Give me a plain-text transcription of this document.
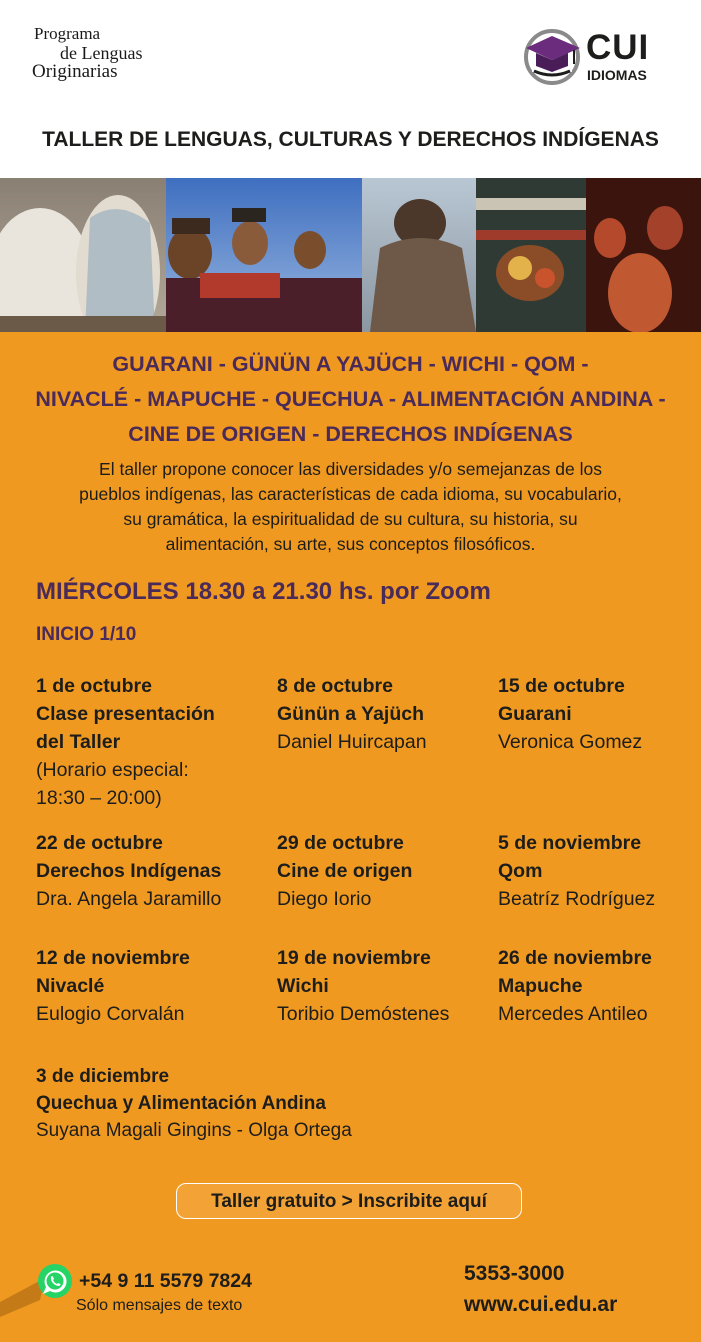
Programa
de Lenguas
Originarias
CUI
IDIOMAS
TALLER DE LENGUAS, CULTURAS Y DERECHOS INDÍGENAS
GUARANI - GÜNÜN A YAJÜCH - WICHI - QOM -
NIVACLÉ - MAPUCHE - QUECHUA - ALIMENTACIÓN ANDINA -
CINE DE ORIGEN - DERECHOS INDÍGENAS
El taller propone conocer las diversidades y/o semejanzas de los
pueblos indígenas, las características de cada idioma, su vocabulario,
su gramática, la espiritualidad de su cultura, su historia, su
alimentación, su arte, sus conceptos filosóficos.
MIÉRCOLES 18.30 a 21.30 hs. por Zoom
INICIO 1/10
1 de octubre
Clase presentación
del Taller
(Horario especial:
18:30 – 20:00)
8 de octubre
Günün a Yajüch
Daniel Huircapan
15 de octubre
Guarani
Veronica Gomez
22 de octubre
Derechos Indígenas
Dra. Angela Jaramillo
29 de octubre
Cine de origen
Diego Iorio
5 de noviembre
Qom
Beatríz Rodríguez
12 de noviembre
Nivaclé
Eulogio Corvalán
19 de noviembre
Wichi
Toribio Demóstenes
26 de noviembre
Mapuche
Mercedes Antileo
3 de diciembre
Quechua y Alimentación Andina
Suyana Magali Gingins - Olga Ortega
Taller gratuito > Inscribite aquí
+54 9 11 5579 7824
Sólo mensajes de texto
5353-3000
www.cui.edu.ar
